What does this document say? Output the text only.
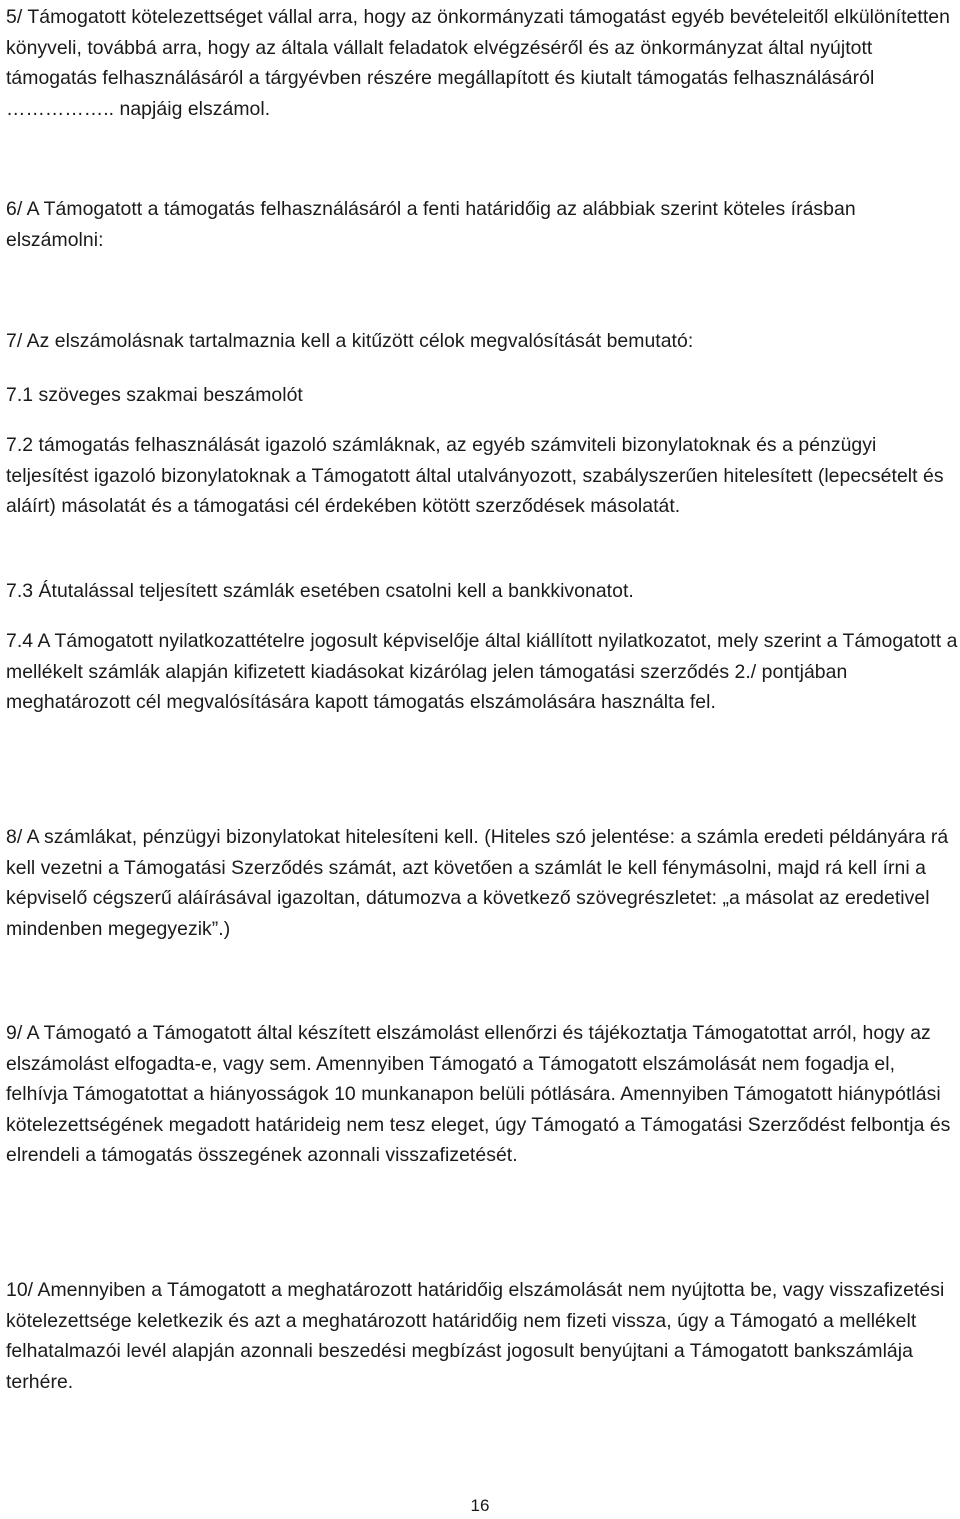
5/ Támogatott kötelezettséget vállal arra, hogy az önkormányzati támogatást egyéb bevételeitől elkülönítetten könyveli, továbbá arra, hogy az általa vállalt feladatok elvégzéséről és az önkormányzat által nyújtott támogatás felhasználásáról a tárgyévben részére megállapított és kiutalt támogatás felhasználásáról …………….. napjáig elszámol.

6/ A Támogatott a támogatás felhasználásáról a fenti határidőig az alábbiak szerint köteles írásban elszámolni:

7/ Az elszámolásnak tartalmaznia kell a kitűzött célok megvalósítását bemutató:

7.1 szöveges szakmai beszámolót

7.2 támogatás felhasználását igazoló számláknak, az egyéb számviteli bizonylatoknak és a pénzügyi teljesítést igazoló bizonylatoknak a Támogatott által utalványozott, szabályszerűen hitelesített (lepecsételt és aláírt) másolatát és a támogatási cél érdekében kötött szerződések másolatát.

7.3 Átutalással teljesített számlák esetében csatolni kell a bankkivonatot.

7.4 A Támogatott nyilatkozattételre jogosult képviselője által kiállított nyilatkozatot, mely szerint a Támogatott a mellékelt számlák alapján kifizetett kiadásokat kizárólag jelen támogatási szerződés 2./ pontjában meghatározott cél megvalósítására kapott támogatás elszámolására használta fel.

8/ A számlákat, pénzügyi bizonylatokat hitelesíteni kell. (Hiteles szó jelentése: a számla eredeti példányára rá kell vezetni a Támogatási Szerződés számát, azt követően a számlát le kell fénymásolni, majd rá kell írni a képviselő cégszerű aláírásával igazoltan, dátumozva a következő szövegrészletet: „a másolat az eredetivel mindenben megegyezik”.)

9/ A Támogató a Támogatott által készített elszámolást ellenőrzi és tájékoztatja Támogatottat arról, hogy az elszámolást elfogadta-e, vagy sem. Amennyiben Támogató a Támogatott elszámolását nem fogadja el, felhívja Támogatottat a hiányosságok 10 munkanapon belüli pótlására. Amennyiben Támogatott hiánypótlási kötelezettségének megadott határideig nem tesz eleget, úgy Támogató a Támogatási Szerződést felbontja és elrendeli a támogatás összegének azonnali visszafizetését.

10/ Amennyiben a Támogatott a meghatározott határidőig elszámolását nem nyújtotta be, vagy visszafizetési kötelezettsége keletkezik és azt a meghatározott határidőig nem fizeti vissza, úgy a Támogató a mellékelt felhatalmazói levél alapján azonnali beszedési megbízást jogosult benyújtani a Támogatott bankszámlája terhére.

16
